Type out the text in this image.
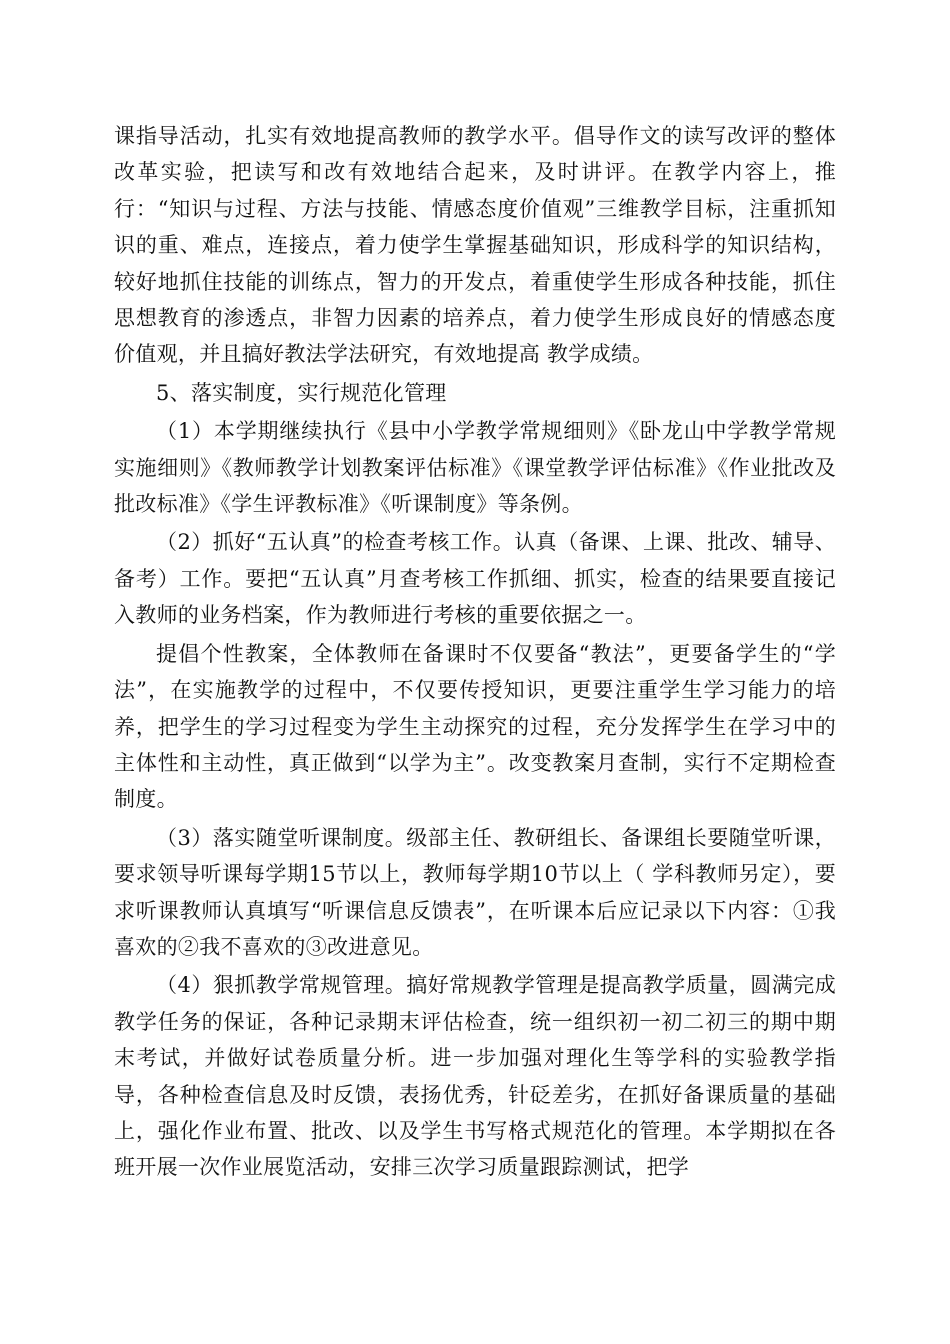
课指导活动，扎实有效地提高教师的教学水平。倡导作文的读写改评的整体改革实验，把读写和改有效地结合起来，及时讲评。在教学内容上，推行：“知识与过程、方法与技能、情感态度价值观”三维教学目标，注重抓知识的重、难点，连接点，着力使学生掌握基础知识，形成科学的知识结构，较好地抓住技能的训练点，智力的开发点，着重使学生形成各种技能，抓住思想教育的渗透点，非智力因素的培养点，着力使学生形成良好的情感态度价值观，并且搞好教法学法研究，有效地提高 教学成绩。

5、落实制度，实行规范化管理

（1）本学期继续执行《县中小学教学常规细则》《卧龙山中学教学常规实施细则》《教师教学计划教案评估标准》《课堂教学评估标准》《作业批改及批改标准》《学生评教标准》《听课制度》等条例。

（2）抓好“五认真”的检查考核工作。认真（备课、上课、批改、辅导、备考）工作。要把“五认真”月查考核工作抓细、抓实，检查的结果要直接记入教师的业务档案，作为教师进行考核的重要依据之一。

提倡个性教案，全体教师在备课时不仅要备“教法”，更要备学生的“学法”，在实施教学的过程中，不仅要传授知识，更要注重学生学习能力的培养，把学生的学习过程变为学生主动探究的过程，充分发挥学生在学习中的主体性和主动性，真正做到“以学为主”。改变教案月查制，实行不定期检查制度。

（3）落实随堂听课制度。级部主任、教研组长、备课组长要随堂听课，要求领导听课每学期15节以上，教师每学期10节以上（ 学科教师另定），要求听课教师认真填写“听课信息反馈表”，在听课本后应记录以下内容：①我喜欢的②我不喜欢的③改进意见。

（4）狠抓教学常规管理。搞好常规教学管理是提高教学质量，圆满完成教学任务的保证，各种记录期末评估检查，统一组织初一初二初三的期中期末考试，并做好试卷质量分析。进一步加强对理化生等学科的实验教学指导，各种检查信息及时反馈，表扬优秀，针砭差劣，在抓好备课质量的基础上，强化作业布置、批改、以及学生书写格式规范化的管理。本学期拟在各班开展一次作业展览活动，安排三次学习质量跟踪测试，把学
